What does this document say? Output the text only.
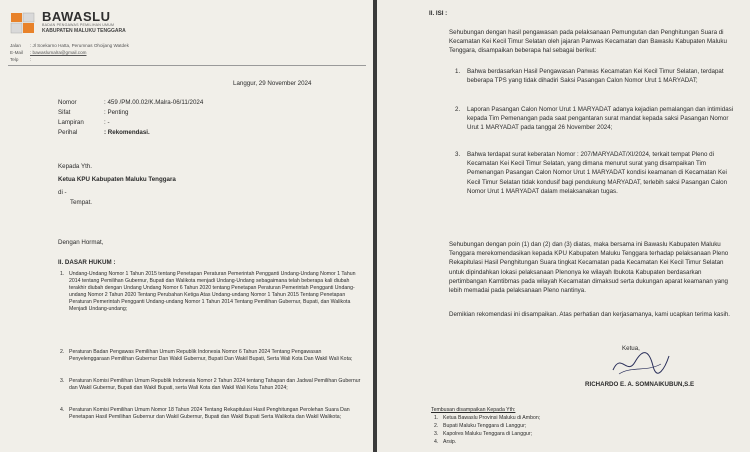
BAWASLU
BADAN PENGAWAS PEMILIHAN UMUM
KABUPATEN MALUKU TENGGARA
Jalan : Jl Soekarno Hatta, Perumnas Ohoijang Watdek
E-Mail : bawaslumalra@gmail.com
Telp	:
Langgur, 29 November 2024
Nomor	: 459 /PM.00.02/K.Malra-06/11/2024
Sifat	: Penting
Lampiran	: -
Perihal	: Rekomendasi.
Kepada Yth.
Ketua KPU Kabupaten Maluku Tenggara
di -
Tempat.
Dengan Hormat,
II. DASAR HUKUM :
1. Undang-Undang Nomor 1 Tahun 2015 tentang Penetapan Peraturan Pemerintah Pengganti Undang-Undang Nomor 1 Tahun 2014 tentang Pemilihan Gubernur, Bupati dan Walikota menjadi Undang-Undang sebagaimana telah beberapa kali diubah terakhir diubah dengan Undang Undang Nomor 6 Tahun 2020 tentang Penetapan Peraturan Pemerintah Pengganti Undang-undang Nomor 2 Tahun 2020 Tentang Perubahan Ketiga Atas Undang-undang Nomor 1 Tahun 2015 Tentang Penetapan Peraturan Pemerintah Pengganti Undang-undang Nomor 1 Tahun 2014 Tentang Pemilihan Gubernur, Bupati, dan Walikota Menjadi Undang-undang;
2. Peraturan Badan Pengawas Pemilihan Umum Republik Indonesia Nomor 6 Tahun 2024 Tentang Pengawasan Penyelenggaraan Pemilihan Gubernur Dan Wakil Gubernur, Bupati Dan Wakil Bupati, Serta Wali Kota Dan Wakil Wali Kota;
3. Peraturan Komisi Pemilihan Umum Republik Indonesia Nomor 2 Tahun 2024 tentang Tahapan dan Jadwal Pemilihan Gubernur dan Wakil Gubernur, Bupati dan Wakil Bupati, serta Wali Kota dan Wakil Wali Kota Tahun 2024;
4. Peraturan Komisi Pemilihan Umum Nomor 18 Tahun 2024 Tentang Rekapitulasi Hasil Penghitungan Perolehan Suara Dan Penetapan Hasil Pemilihan Gubernur dan Wakil Gubernur, Bupati dan Wakil Bupati Serta Walikota dan Wakil Walikota;
II. ISI :
Sehubungan dengan hasil pengawasan pada pelaksanaan Pemungutan dan Penghitungan Suara di Kecamatan Kei Kecil Timur Selatan oleh jajaran Panwas Kecamatan dan Bawaslu Kabupaten Maluku Tenggara, disampaikan beberapa hal sebagai berikut:
1. Bahwa berdasarkan Hasil Pengawasan Panwas Kecamatan Kei Kecil Timur Selatan, terdapat beberapa TPS yang tidak dihadiri Saksi Pasangan Calon Nomor Urut 1 MARYADAT;
2. Laporan Pasangan Calon Nomor Urut 1 MARYADAT adanya kejadian pemalangan dan intimidasi kepada Tim Pemenangan pada saat pengantaran surat mandat kepada saksi Pasangan Nomor Urut 1 MARYADAT pada tanggal 26 November 2024;
3. Bahwa terdapat surat keberatan Nomor : 207/MARYADAT/XI/2024, terkait tempat Pleno di Kecamatan Kei Kecil Timur Selatan, yang dimana menurut surat yang disampaikan Tim Pemenangan Pasangan Calon Nomor Urut 1 MARYADAT kondisi keamanan di Kecamatan Kei Kecil Timur Selatan tidak kondusif bagi pendukung MARYADAT, terlebih saksi Pasangan Calon Nomor Urut 1 MARYADAT dalam melaksanakan tugas.
Sehubungan dengan poin (1) dan (2) dan (3) diatas, maka bersama ini Bawaslu Kabupaten Maluku Tenggara merekomendasikan kepada KPU Kabupaten Maluku Tenggara terhadap pelaksanaan Pleno Rekapitulasi Hasil Penghitungan Suara tingkat Kecamatan pada Kecamatan Kei Kecil Timur Selatan untuk dipindahkan lokasi pelaksanaan Plenonya ke wilayah Ibukota Kabupaten berdasarkan pertimbangan Kamtibmas pada wilayah Kecamatan dimaksud serta dukungan aparat keamanan yang lebih memadai pada pelaksanaan Pleno nantinya.
Demikian rekomendasi ini disampaikan. Atas perhatian dan kerjasamanya, kami ucapkan terima kasih.
Ketua,
RICHARDO E. A. SOMNAIKUBUN,S.E
Tembusan disampaikan Kepada Yth:
1. Ketua Bawaslu Provinsi Maluku di Ambon;
2. Bupati Maluku Tenggara di Langgur;
3. Kapolres Maluku Tenggara di Langgur;
4. Arsip.
